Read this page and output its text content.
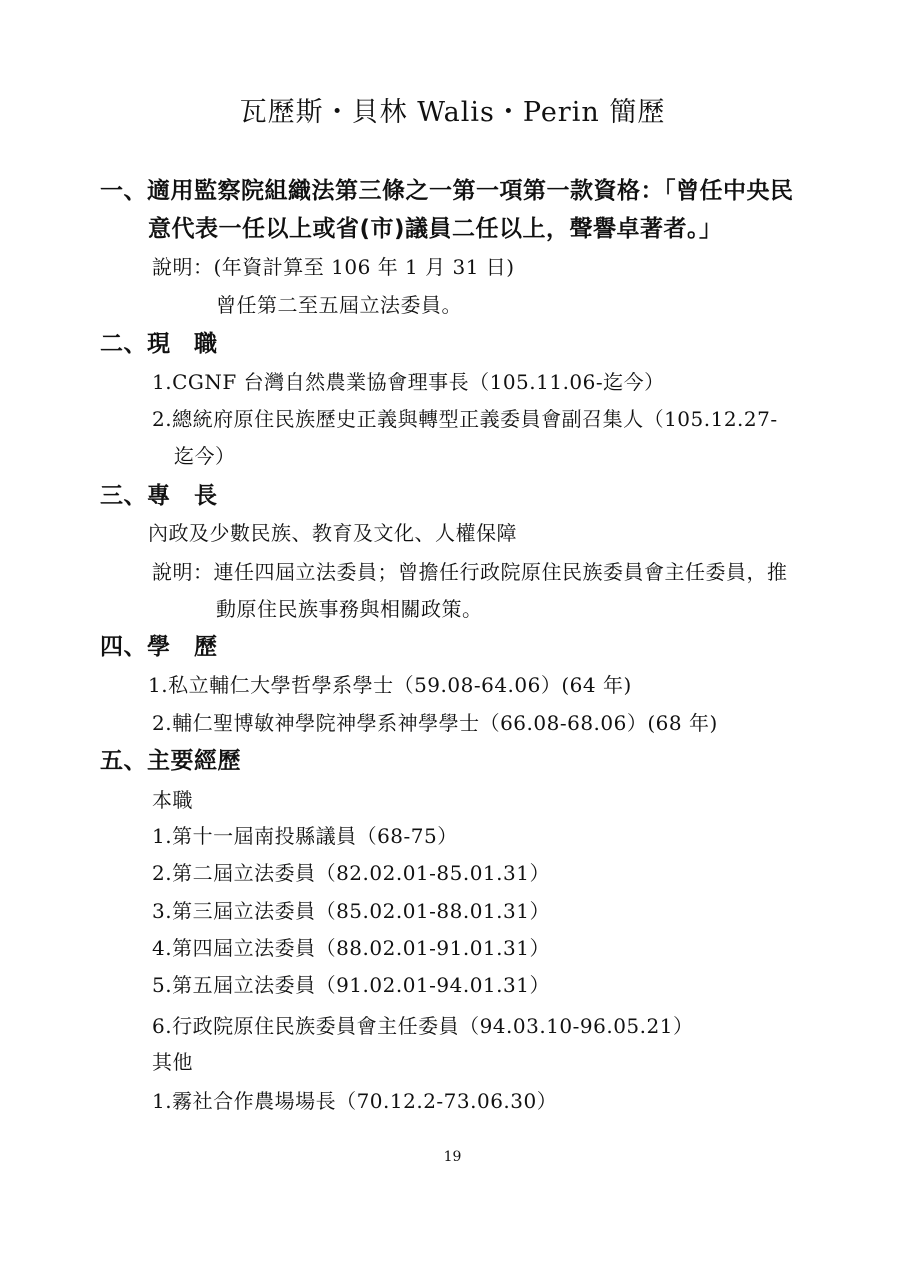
瓦歷斯・貝林 Walis・Perin 簡歷
一、適用監察院組織法第三條之一第一項第一款資格：「曾任中央民
意代表一任以上或省(市)議員二任以上，聲譽卓著者。」
說明：(年資計算至 106 年 1 月 31 日)
曾任第二至五屆立法委員。
二、現　職
1.CGNF 台灣自然農業協會理事長（105.11.06-迄今）
2.總統府原住民族歷史正義與轉型正義委員會副召集人（105.12.27-
迄今）
三、專　長
內政及少數民族、教育及文化、人權保障
說明：連任四屆立法委員；曾擔任行政院原住民族委員會主任委員，推
動原住民族事務與相關政策。
四、學　歷
1.私立輔仁大學哲學系學士（59.08-64.06）(64 年)
2.輔仁聖博敏神學院神學系神學學士（66.08-68.06）(68 年)
五、主要經歷
本職
1.第十一屆南投縣議員（68-75）
2.第二屆立法委員（82.02.01-85.01.31）
3.第三屆立法委員（85.02.01-88.01.31）
4.第四屆立法委員（88.02.01-91.01.31）
5.第五屆立法委員（91.02.01-94.01.31）
6.行政院原住民族委員會主任委員（94.03.10-96.05.21）
其他
1.霧社合作農場場長（70.12.2-73.06.30）
19
